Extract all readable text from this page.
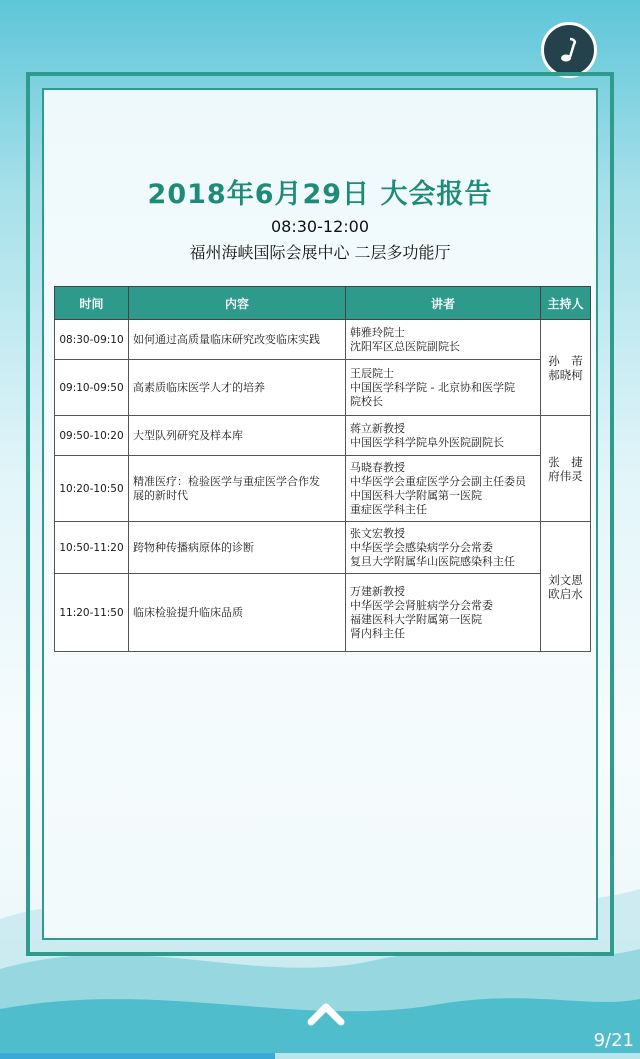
2018年6月29日 大会报告
08:30-12:00
福州海峡国际会展中心 二层多功能厅
时间	内容	讲者	主持人
08:30-09:10	如何通过高质量临床研究改变临床实践	韩雅玲院士
沈阳军区总医院副院长	孙　芾
郝晓柯

09:10-09:50	高素质临床医学人才的培养	王辰院士
中国医学科学院 - 北京协和医学院
院校长	

09:50-10:20	大型队列研究及样本库	蒋立新教授
中国医学科学院阜外医院副院长	张　捷
府伟灵

10:20-10:50	精准医疗：检验医学与重症医学合作发
展的新时代	马晓春教授
中华医学会重症医学分会副主任委员
中国医科大学附属第一医院
重症医学科主任	

10:50-11:20	跨物种传播病原体的诊断	张文宏教授
中华医学会感染病学分会常委
复旦大学附属华山医院感染科主任	刘文恩
欧启水

11:20-11:50	临床检验提升临床品质	万建新教授
中华医学会肾脏病学分会常委
福建医科大学附属第一医院
肾内科主任	
9/21
